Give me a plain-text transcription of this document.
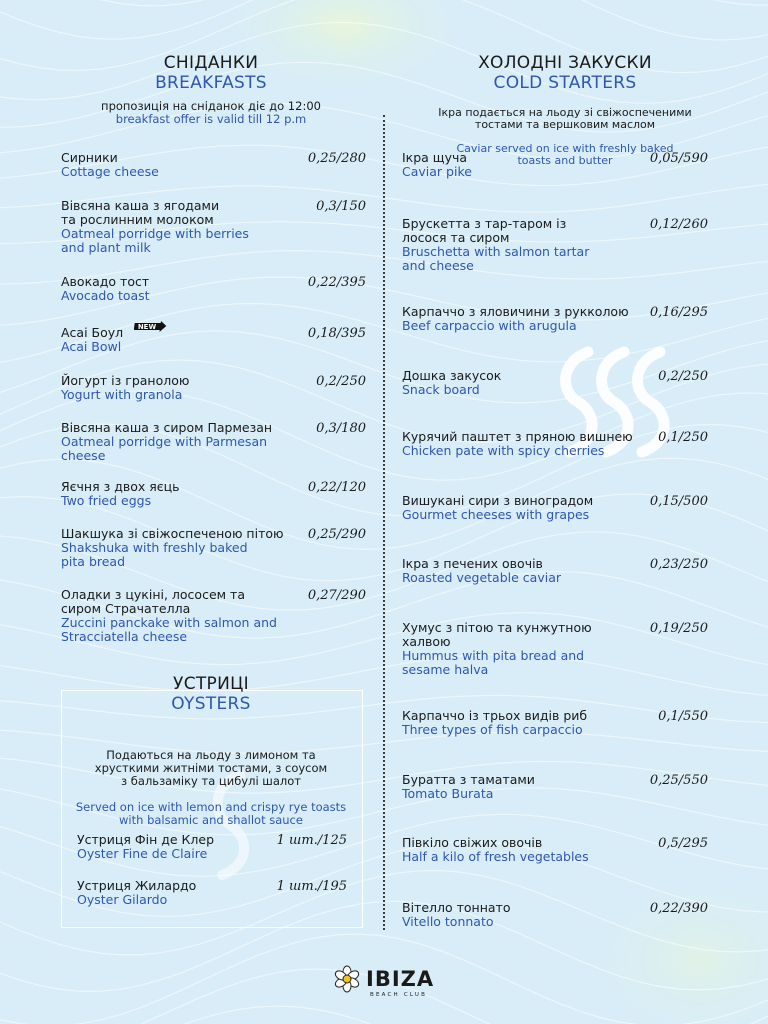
СНІДАНКИ
BREAKFASTS
пропозиція на сніданок діє до 12:00
breakfast offer is valid till 12 p.m
Сирники
Cottage cheese
0,25/280
Вівсяна каша з ягодами
та рослинним молоком
Oatmeal porridge with berries
and plant milk
0,3/150
Авокадо тост
Avocado toast
0,22/395
Асаі Боул
Acai Bowl
0,18/395
Йогурт із гранолою
Yogurt with granola
0,2/250
Вівсяна каша з сиром Пармезан
Oatmeal porridge with Parmesan
cheese
0,3/180
Яєчня з двох яєць
Two fried eggs
0,22/120
Шакшука зі свіжоспеченою пітою
Shakshuka with freshly baked
pita bread
0,25/290
Оладки з цукіні, лососем та
сиром Страчателла
Zuccini panckake with salmon and
Stracciatella cheese
0,27/290
NEW
УСТРИЦІ
OYSTERS

Подаються на льоду з лимоном та
хрусткими житніми тостами, з соусом
з бальзаміку та цибулі шалот

Served on ice with lemon and crispy rye toasts
with balsamic and shallot sauce

Устриця Фін де Клер
Oyster Fine de Claire
1 шт./125
Устриця Жилардо
Oyster Gilardo
1 шт./195
ХОЛОДНІ ЗАКУСКИ
COLD STARTERS

Ікра подається на льоду зі свіжоспеченими
тостами та вершковим маслом

Caviar served on ice with freshly baked
toasts and butter

Ікра щуча
Caviar pike
0,05/590
Брускетта з тар-таром із
лосося та сиром
Bruschetta with salmon tartar
and cheese
0,12/260
Карпаччо з яловичини з рукколою
Beef carpaccio with arugula
0,16/295
Дошка закусок
Snack board
0,2/250
Курячий паштет з пряною вишнею
Chicken pate with spicy cherries
0,1/250
Вишукані сири з виноградом
Gourmet cheeses with grapes
0,15/500
Ікра з печених овочів
Roasted vegetable caviar
0,23/250
Хумус з пітою та кунжутною
халвою
Hummus with pita bread and
sesame halva
0,19/250
Карпаччо із трьох видів риб
Three types of fish carpaccio
0,1/550
Буратта з таматами
Tomato Burata
0,25/550
Півкіло свіжих овочів
Half a kilo of fresh vegetables
0,5/295
Вітелло тоннато
Vitello tonnato
0,22/390
IBIZA
BEACH CLUB
